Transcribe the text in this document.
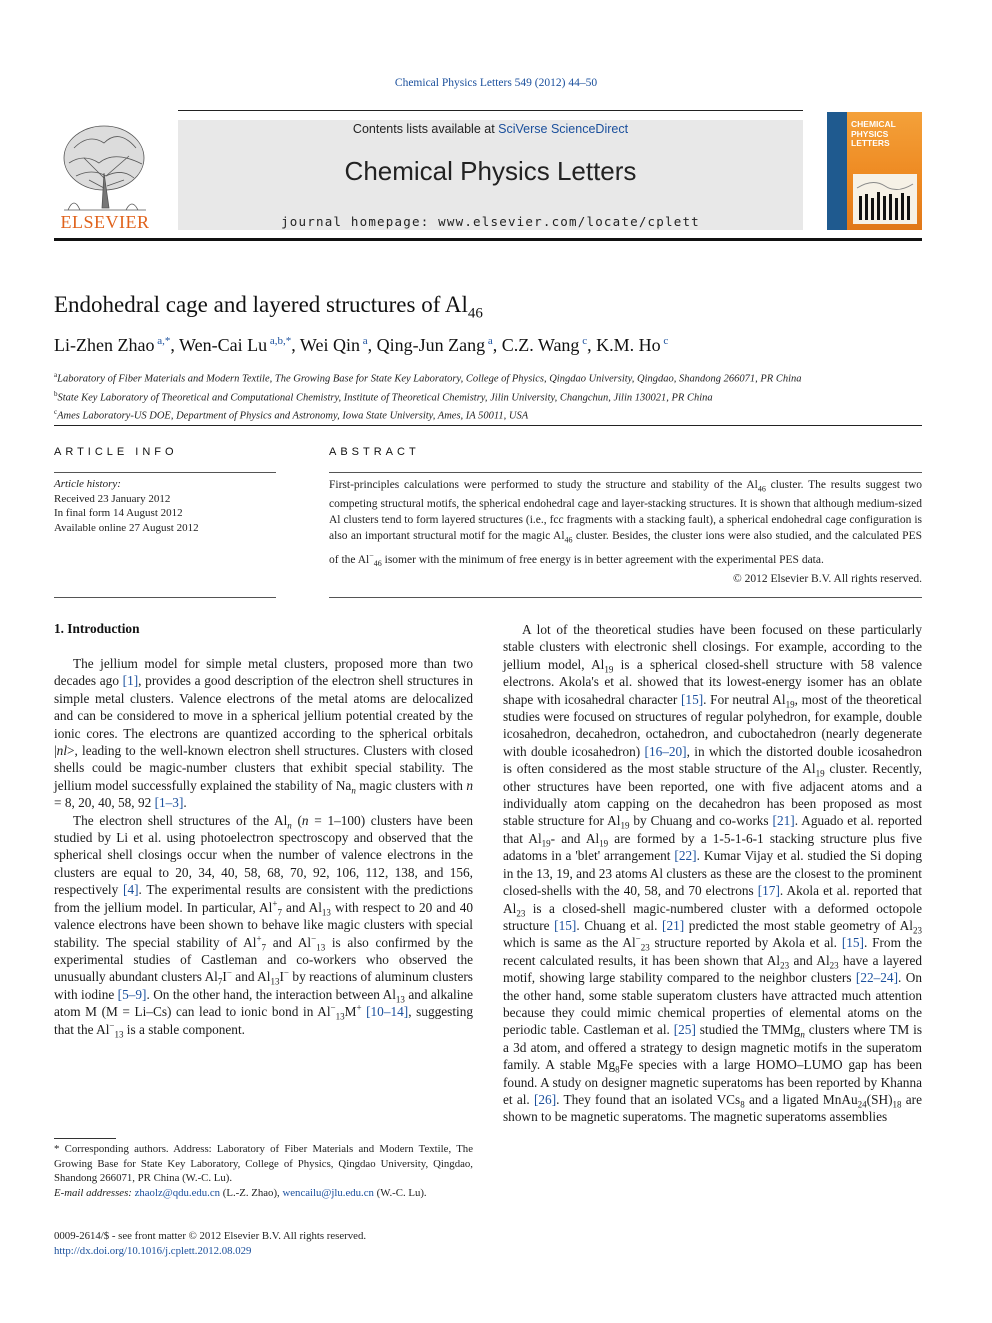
Chemical Physics Letters 549 (2012) 44–50
ELSEVIER
Contents lists available at SciVerse ScienceDirect
Chemical Physics Letters
journal homepage: www.elsevier.com/locate/cplett
CHEMICAL
PHYSICS
LETTERS
Endohedral cage and layered structures of $Al_{46}$
Li-Zhen Zhao $^{a,*}$, Wen-Cai Lu $^{a,b,*}$, Wei Qin $^a$, Qing-Jun Zang $^a$, C.Z. Wang $^c$, K.M. Ho $^c$
$^a$Laboratory of Fiber Materials and Modern Textile, The Growing Base for State Key Laboratory, College of Physics, Qingdao University, Qingdao, Shandong 266071, PR China
$^b$State Key Laboratory of Theoretical and Computational Chemistry, Institute of Theoretical Chemistry, Jilin University, Changchun, Jilin 130021, PR China
$^c$Ames Laboratory-US DOE, Department of Physics and Astronomy, Iowa State University, Ames, IA 50011, USA
ARTICLE INFO	ABSTRACT
Article history:
Received 23 January 2012
In final form 14 August 2012
Available online 27 August 2012
First-principles calculations were performed to study the structure and stability of the $Al_{46}$ cluster. The results suggest two competing structural motifs, the spherical endohedral cage and layer-stacking structures. It is shown that although medium-sized Al clusters tend to form layered structures (i.e., fcc fragments with a stacking fault), a spherical endohedral cage configuration is also an important structural motif for the magic $Al_{46}$ cluster. Besides, the cluster ions were also studied, and the calculated PES of the $Al^-_{46}$ isomer with the minimum of free energy is in better agreement with the experimental PES data.
© 2012 Elsevier B.V. All rights reserved.
1. Introduction

The jellium model for simple metal clusters, proposed more than two decades ago [1], provides a good description of the electron shell structures in simple metal clusters. Valence electrons of the metal atoms are delocalized and can be considered to move in a spherical jellium potential created by the ionic cores. The electrons are quantized according to the spherical orbitals |nl>, leading to the well-known electron shell structures. Clusters with closed shells could be magic-number clusters that exhibit special stability. The jellium model successfully explained the stability of $Na_n$ magic clusters with n = 8, 20, 40, 58, 92 [1–3].

The electron shell structures of the $Al_n$ (n = 1–100) clusters have been studied by Li et al. using photoelectron spectroscopy and observed that the spherical shell closings occur when the number of valence electrons in the clusters are equal to 20, 34, 40, 58, 68, 70, 92, 106, 112, 138, and 156, respectively [4]. The experimental results are consistent with the predictions from the jellium model. In particular, $Al^+_7$ and $Al_{13}$ with respect to 20 and 40 valence electrons have been shown to behave like magic clusters with special stability. The special stability of $Al^+_7$ and $Al^-_{13}$ is also confirmed by the experimental studies of Castleman and co-workers who observed the unusually abundant clusters $Al_7I^-$ and $Al_{13}I^-$ by reactions of aluminum clusters with iodine [5–9]. On the other hand, the interaction between $Al_{13}$ and alkaline atom M (M = Li–Cs) can lead to ionic bond in $Al^-_{13}M^+$ [10–14], suggesting that the $Al^-_{13}$ is a stable component.

A lot of the theoretical studies have been focused on these particularly stable clusters with electronic shell closings. For example, according to the jellium model, $Al_{19}$ is a spherical closed-shell structure with 58 valence electrons. Akola's et al. showed that its lowest-energy isomer has an oblate shape with icosahedral character [15]. For neutral $Al_{19}$, most of the theoretical studies were focused on structures of regular polyhedron, for example, double icosahedron, decahedron, octahedron, and cuboctahedron (nearly degenerate with double icosahedron) [16–20], in which the distorted double icosahedron is often considered as the most stable structure of the $Al_{19}$ cluster. Recently, other structures have been reported, one with five adjacent atoms and a individually atom capping on the decahedron has been proposed as most stable structure for $Al_{19}$ by Chuang and co-works [21]. Aguado et al. reported that $Al_{19}-$ and $Al_{19}$ are formed by a 1-5-1-6-1 stacking structure plus five adatoms in a 'blet' arrangement [22]. Kumar Vijay et al. studied the Si doping in the 13, 19, and 23 atoms Al clusters as these are the closest to the prominent closed-shells with the 40, 58, and 70 electrons [17]. Akola et al. reported that $Al_{23}$ is a closed-shell magic-numbered cluster with a deformed octopole structure [15]. Chuang et al. [21] predicted the most stable geometry of $Al_{23}$ which is same as the $Al^-_{23}$ structure reported by Akola et al. [15]. From the recent calculated results, it has been shown that $Al_{23}$ and $Al_{23}$ have a layered motif, showing large stability compared to the neighbor clusters [22–24]. On the other hand, some stable superatom clusters have attracted much attention because they could mimic chemical properties of elemental atoms on the periodic table. Castleman et al. [25] studied the TMMg$_n$ clusters where TM is a 3d atom, and offered a strategy to design magnetic motifs in the superatom family. A stable $Mg_8Fe$ species with a large HOMO–LUMO gap has been found. A study on designer magnetic superatoms has been reported by Khanna et al. [26]. They found that an isolated VCs$_8$ and a ligated $MnAu_{24}(SH)_{18}$ are shown to be magnetic superatoms. The magnetic superatoms assemblies

* Corresponding authors. Address: Laboratory of Fiber Materials and Modern Textile, The Growing Base for State Key Laboratory, College of Physics, Qingdao University, Qingdao, Shandong 266071, PR China (W.-C. Lu).
E-mail addresses: zhaolz@qdu.edu.cn (L.-Z. Zhao), wencailu@jlu.edu.cn (W.-C. Lu).
0009-2614/$ - see front matter © 2012 Elsevier B.V. All rights reserved.
http://dx.doi.org/10.1016/j.cplett.2012.08.029
